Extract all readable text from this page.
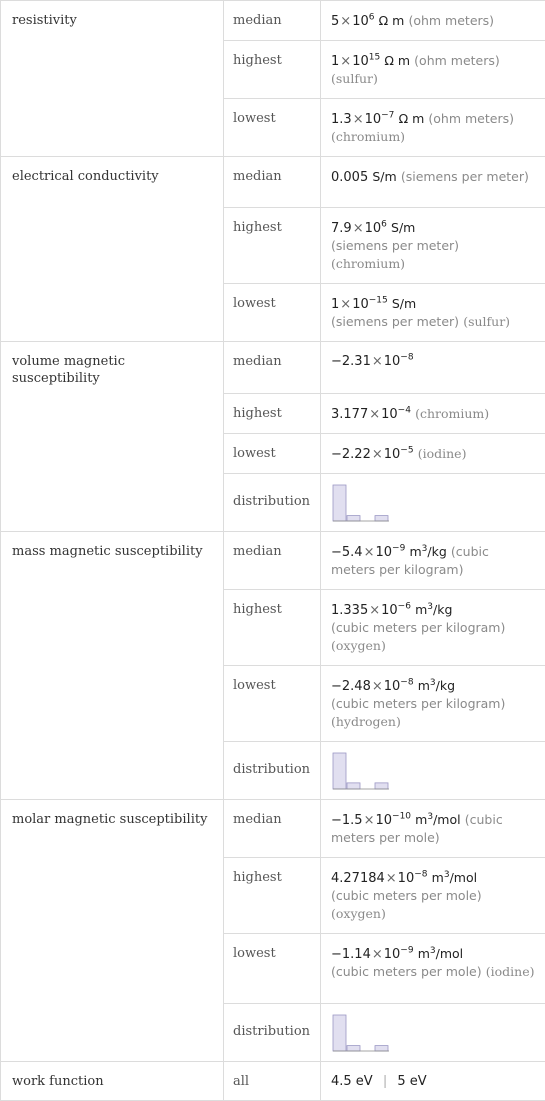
resistivity	median	$5\times 10^6$ Ω m (ohm meters)
	highest	$1\times 10^{15}$ Ω m (ohm meters) (sulfur)
	lowest	$1.3\times 10^{-7}$ Ω m (ohm meters) (chromium)
electrical conductivity	median	0.005 S/m (siemens per meter)
	highest	$7.9\times 10^6$ S/m
(siemens per meter) (chromium)
	lowest	$1\times 10^{-15}$ S/m
(siemens per meter) (sulfur)
volume magnetic susceptibility	median	$-2.31\times 10^{-8}$
	highest	$3.177\times 10^{-4}$ (chromium)
	lowest	$-2.22\times 10^{-5}$ (iodine)
	distribution	

mass magnetic susceptibility	median	$-5.4\times 10^{-9}$ $m^3/kg$ (cubic meters per kilogram)
	highest	$1.335\times 10^{-6}$ $m^3/kg$
(cubic meters per kilogram) (oxygen)
	lowest	$-2.48\times 10^{-8}$ $m^3/kg$
(cubic meters per kilogram) (hydrogen)
	distribution	

molar magnetic susceptibility	median	$-1.5\times 10^{-10}$ $m^3$/mol (cubic meters per mole)
	highest	$4.27184\times 10^{-8}$ $m^3$/mol
(cubic meters per mole) (oxygen)
	lowest	$-1.14\times 10^{-9}$ $m^3$/mol
(cubic meters per mole) (iodine)
	distribution	

work function	all	4.5 eV | 5 eV
